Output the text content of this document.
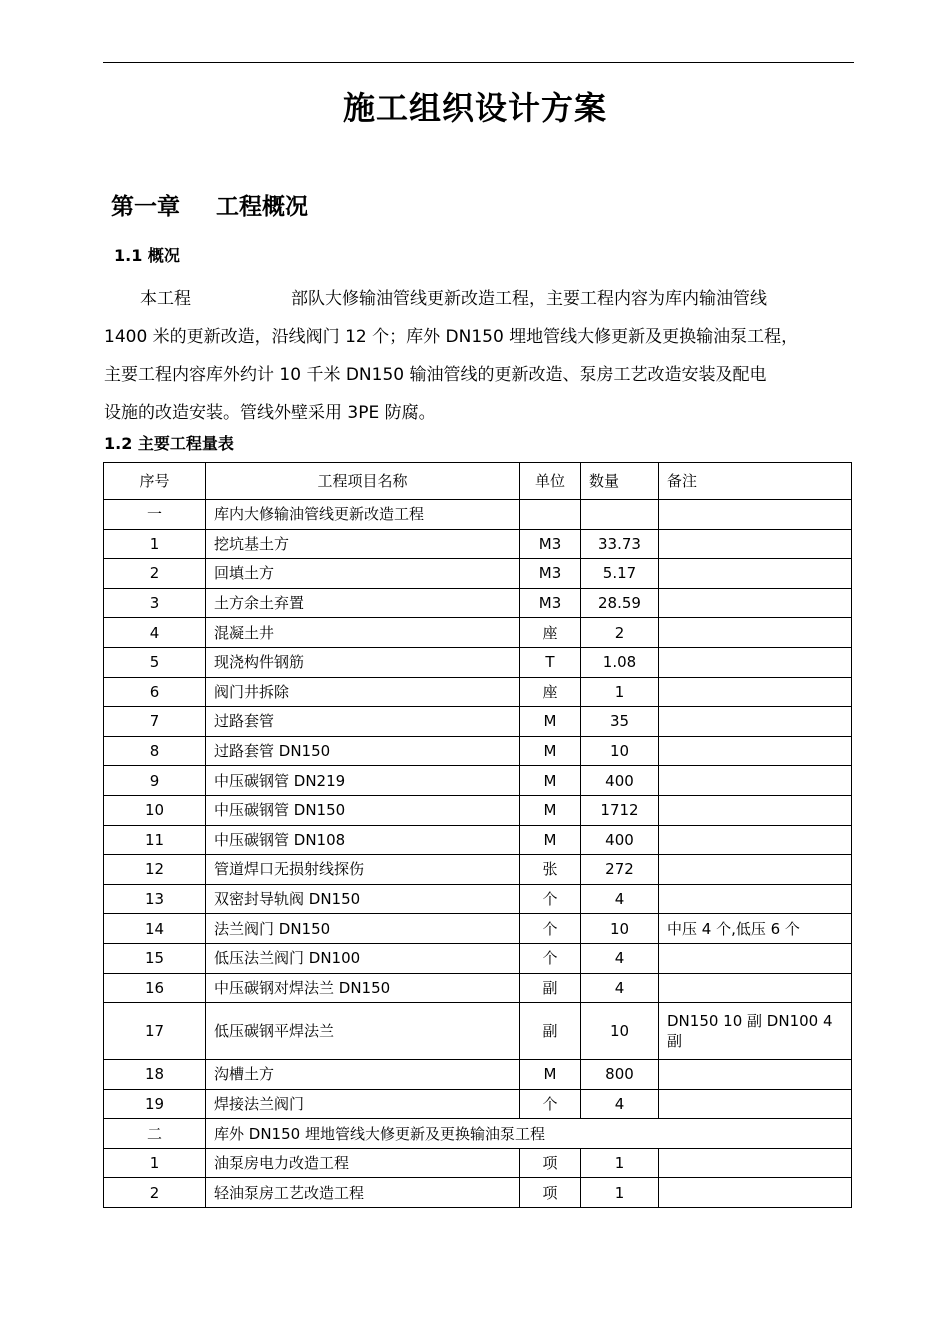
施工组织设计方案
第一章 工程概况
1.1 概况
本工程	部队大修输油管线更新改造工程，主要工程内容为库内输油管线
1400 米的更新改造，沿线阀门 12 个；库外 DN150 埋地管线大修更新及更换输油泵工程，
主要工程内容库外约计 10 千米 DN150 输油管线的更新改造、泵房工艺改造安装及配电
设施的改造安装。管线外壁采用 3PE 防腐。
1.2 主要工程量表
序号	工程项目名称	单位	数量	备注
一	库内大修输油管线更新改造工程			
1	挖坑基土方	M3	33.73	
2	回填土方	M3	5.17	
3	土方余土弃置	M3	28.59	
4	混凝土井	座	2	
5	现浇构件钢筋	T	1.08	
6	阀门井拆除	座	1	
7	过路套管	M	35	
8	过路套管 DN150	M	10	
9	中压碳钢管 DN219	M	400	
10	中压碳钢管 DN150	M	1712	
11	中压碳钢管 DN108	M	400	
12	管道焊口无损射线探伤	张	272	
13	双密封导轨阀 DN150	个	4	
14	法兰阀门 DN150	个	10	中压 4 个,低压 6 个
15	低压法兰阀门 DN100	个	4	
16	中压碳钢对焊法兰 DN150	副	4	
17	低压碳钢平焊法兰	副	10	DN150 10 副 DN100 4 副
18	沟槽土方	M	800	
19	焊接法兰阀门	个	4	
二	库外 DN150 埋地管线大修更新及更换输油泵工程			
1	油泵房电力改造工程	项	1	
2	轻油泵房工艺改造工程	项	1	
